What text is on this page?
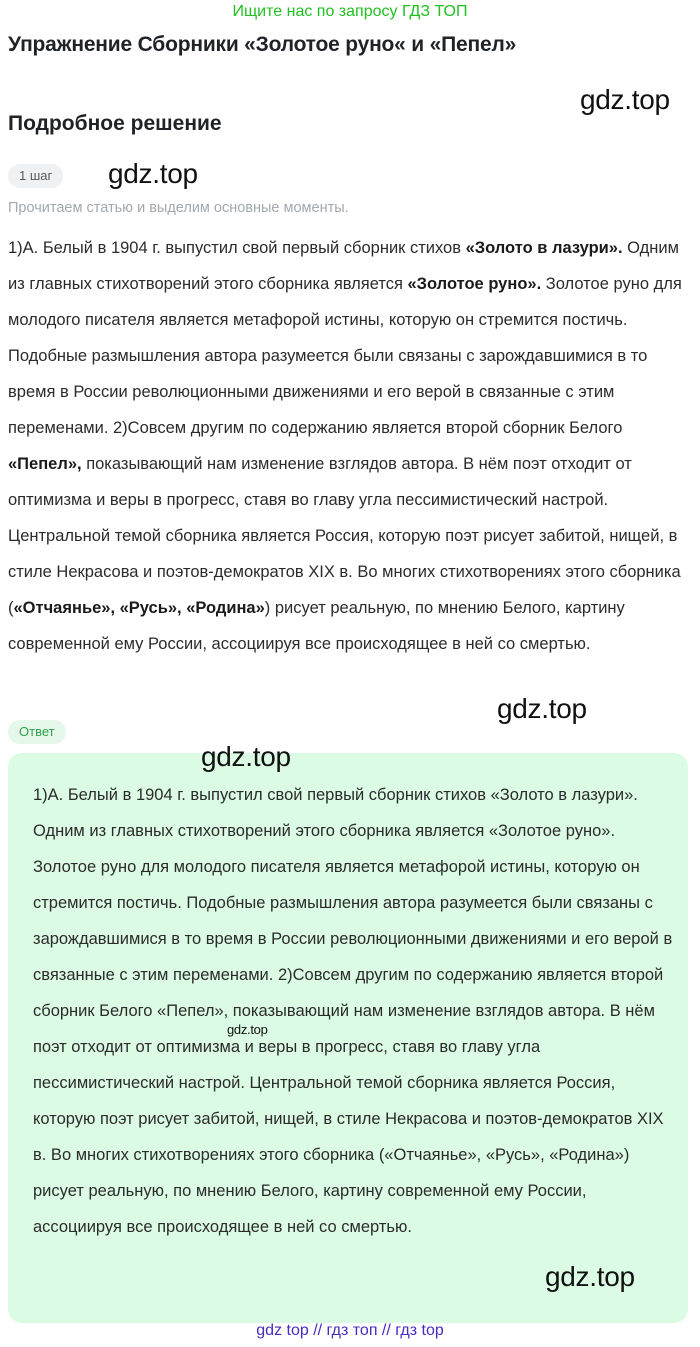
Ищите нас по запросу ГДЗ ТОП
Упражнение Сборники «Золотое руно« и «Пепел»
gdz.top
Подробное решение
1 шаг	gdz.top
Прочитаем статью и выделим основные моменты.

1)А. Белый в 1904 г. выпустил свой первый сборник стихов «Золото в лазури». Одним из главных стихотворений этого сборника является «Золотое руно». Золотое руно для молодого писателя является метафорой истины, которую он стремится постичь. Подобные размышления автора разумеется были связаны с зарождавшимися в то время в России революционными движениями и его верой в связанные с этим переменами. 2)Совсем другим по содержанию является второй сборник Белого «Пепел», показывающий нам изменение взглядов автора. В нём поэт отходит от оптимизма и веры в прогресс, ставя во главу угла пессимистический настрой. Центральной темой сборника является Россия, которую поэт рисует забитой, нищей, в стиле Некрасова и поэтов-демократов XIX в. Во многих стихотворениях этого сборника («Отчаянье», «Русь», «Родина») рисует реальную, по мнению Белого, картину современной ему России, ассоциируя все происходящее в ней со смертью.

gdz.top
Ответ
gdz.top

1)А. Белый в 1904 г. выпустил свой первый сборник стихов «Золото в лазури». Одним из главных стихотворений этого сборника является «Золотое руно». Золотое руно для молодого писателя является метафорой истины, которую он стремится постичь. Подобные размышления автора разумеется были связаны с зарождавшимися в то время в России революционными движениями и его верой в связанные с этим переменами. 2)Совсем другим по содержанию является второй сборник Белого «Пепел», показывающий нам изменение взглядов автора. В нём поэт отходит от оптимизма и веры в прогресс, ставя во главу угла пессимистический настрой. Центральной темой сборника является Россия, которую поэт рисует забитой, нищей, в стиле Некрасова и поэтов-демократов XIX в. Во многих стихотворениях этого сборника («Отчаянье», «Русь», «Родина») рисует реальную, по мнению Белого, картину современной ему России, ассоциируя все происходящее в ней со смертью.

gdz.top
gdz.top
gdz top // гдз топ // гдз top
